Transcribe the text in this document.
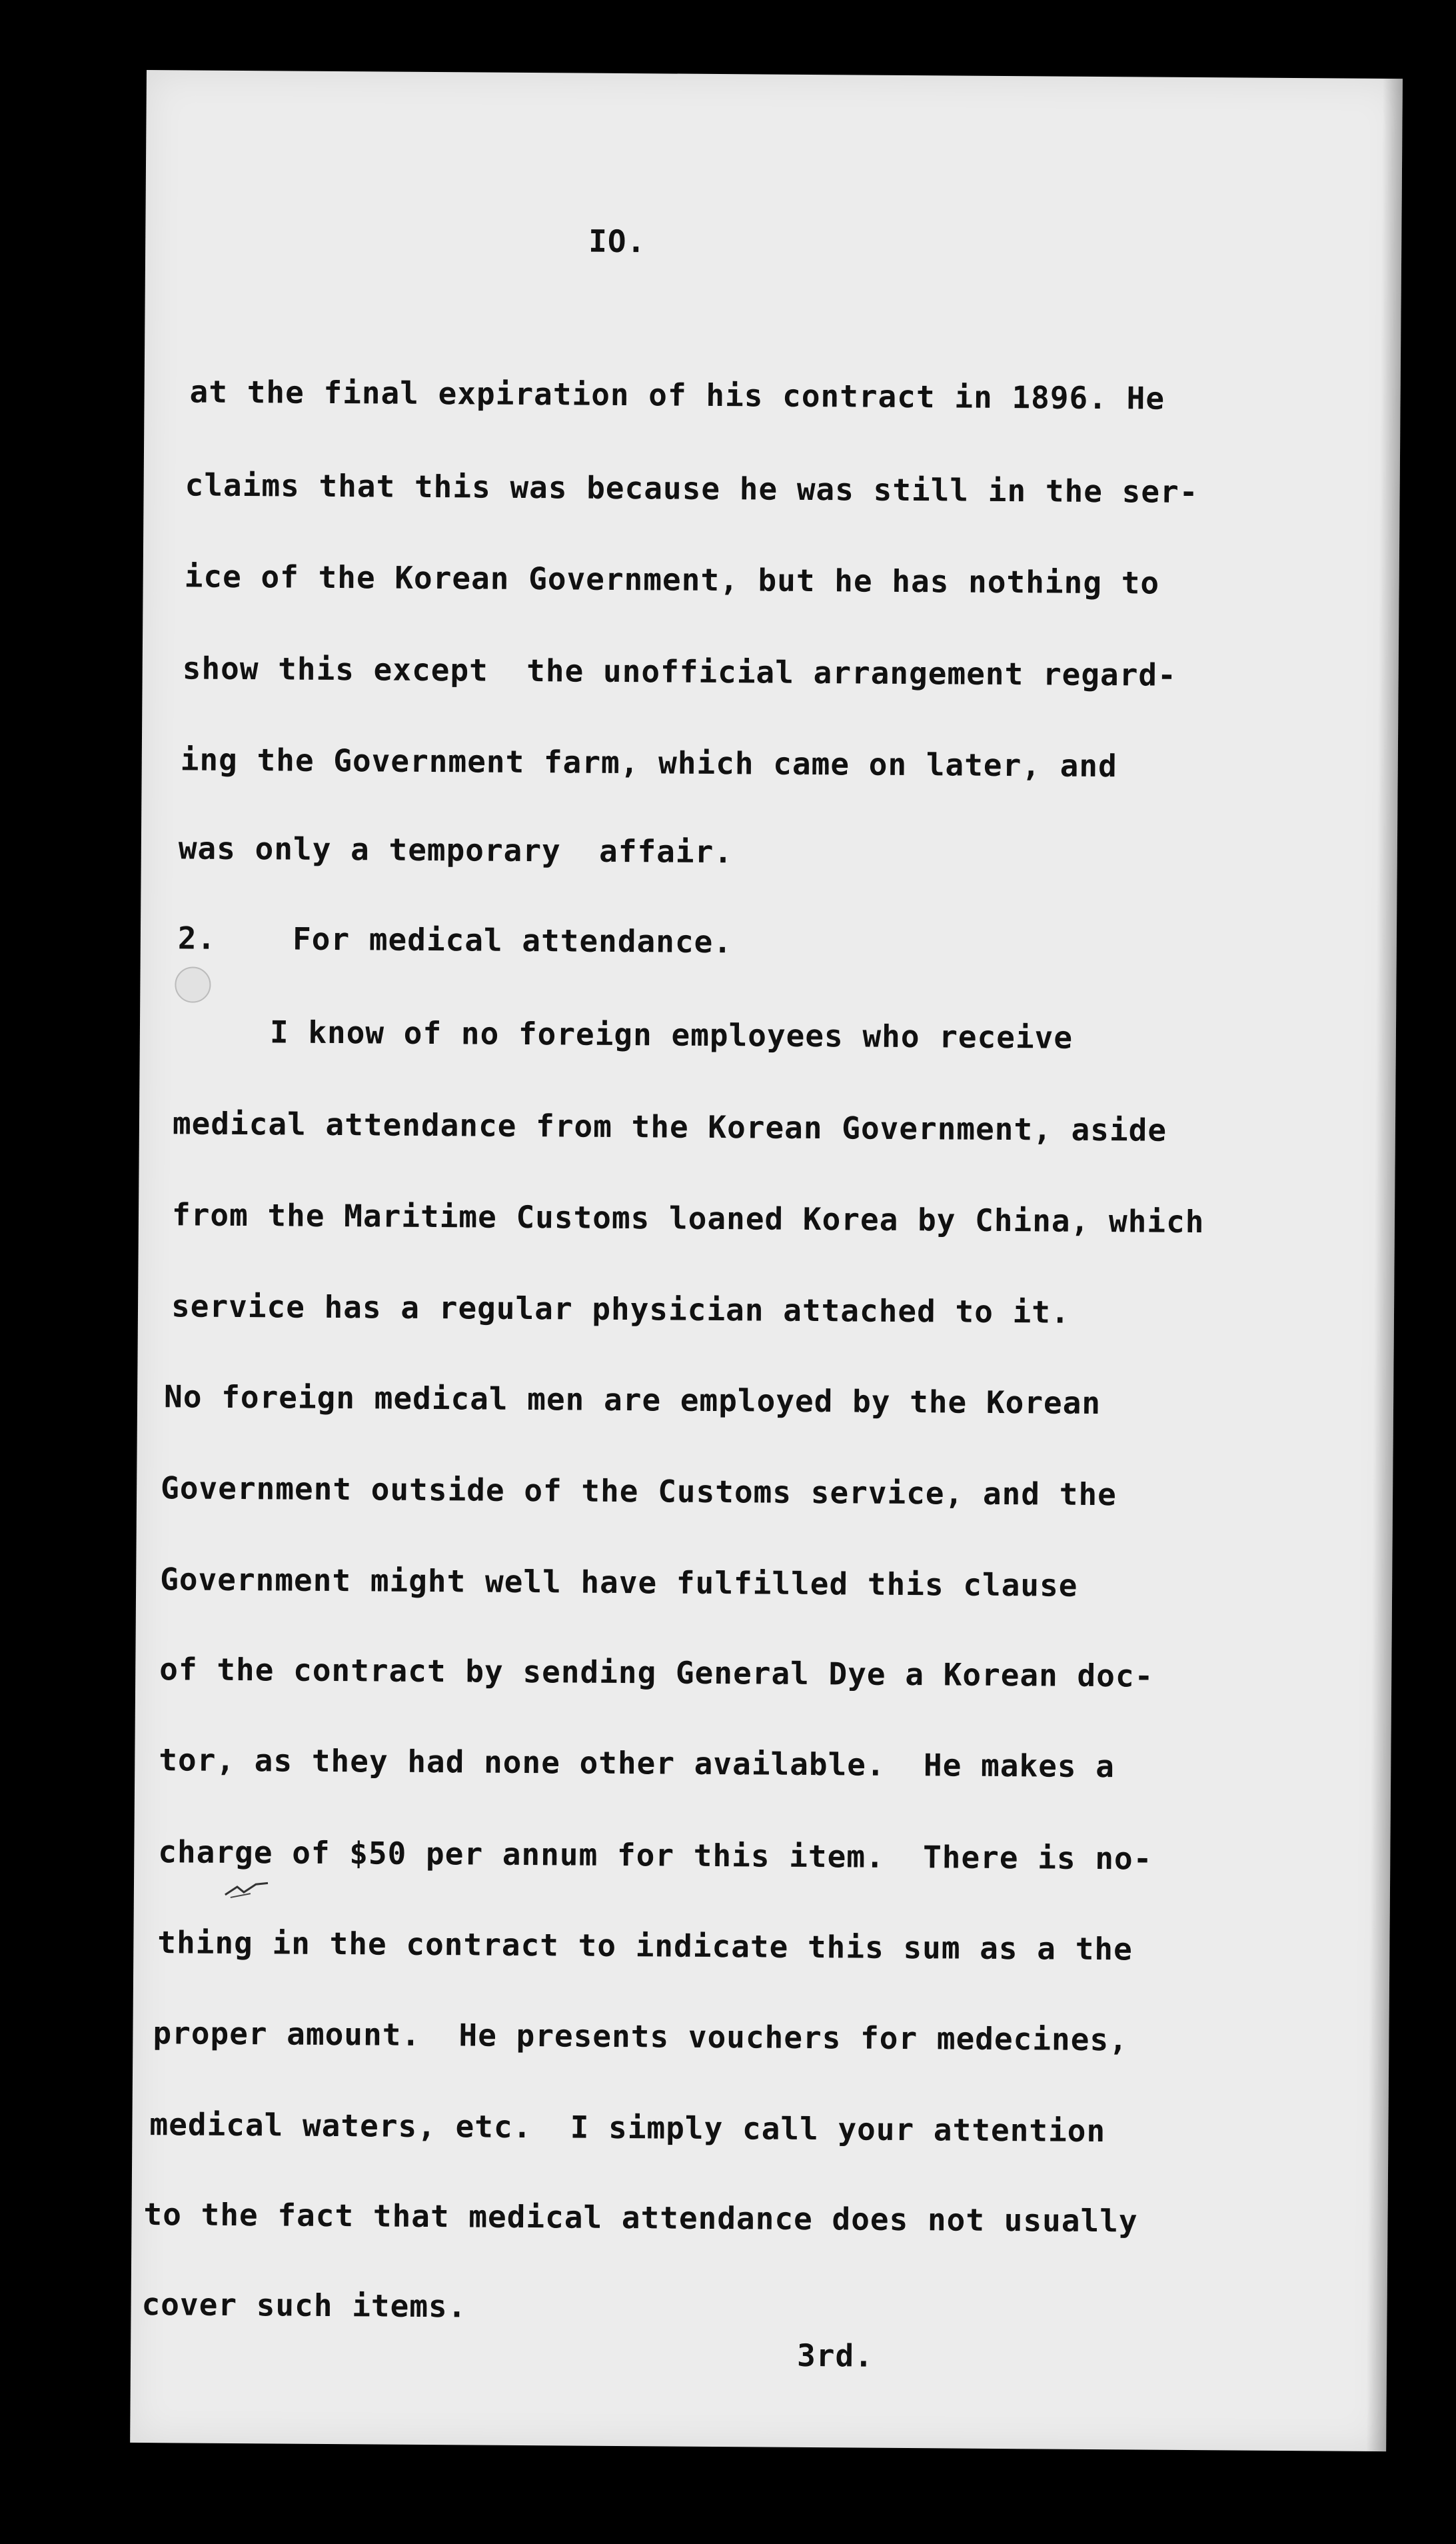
IO.
at the final expiration of his contract in 1896. He
claims that this was because he was still in the ser-
ice of the Korean Government, but he has nothing to
show this except  the unofficial arrangement regard-
ing the Government farm, which came on later, and
was only a temporary  affair.
2.    For medical attendance.
I know of no foreign employees who receive
medical attendance from the Korean Government, aside
from the Maritime Customs loaned Korea by China, which
service has a regular physician attached to it.
No foreign medical men are employed by the Korean
Government outside of the Customs service, and the
Government might well have fulfilled this clause
of the contract by sending General Dye a Korean doc-
tor, as they had none other available.  He makes a
charge of $50 per annum for this item.  There is no-
thing in the contract to indicate this sum as a the
proper amount.  He presents vouchers for medecines,
medical waters, etc.  I simply call your attention
to the fact that medical attendance does not usually
cover such items.
3rd.
